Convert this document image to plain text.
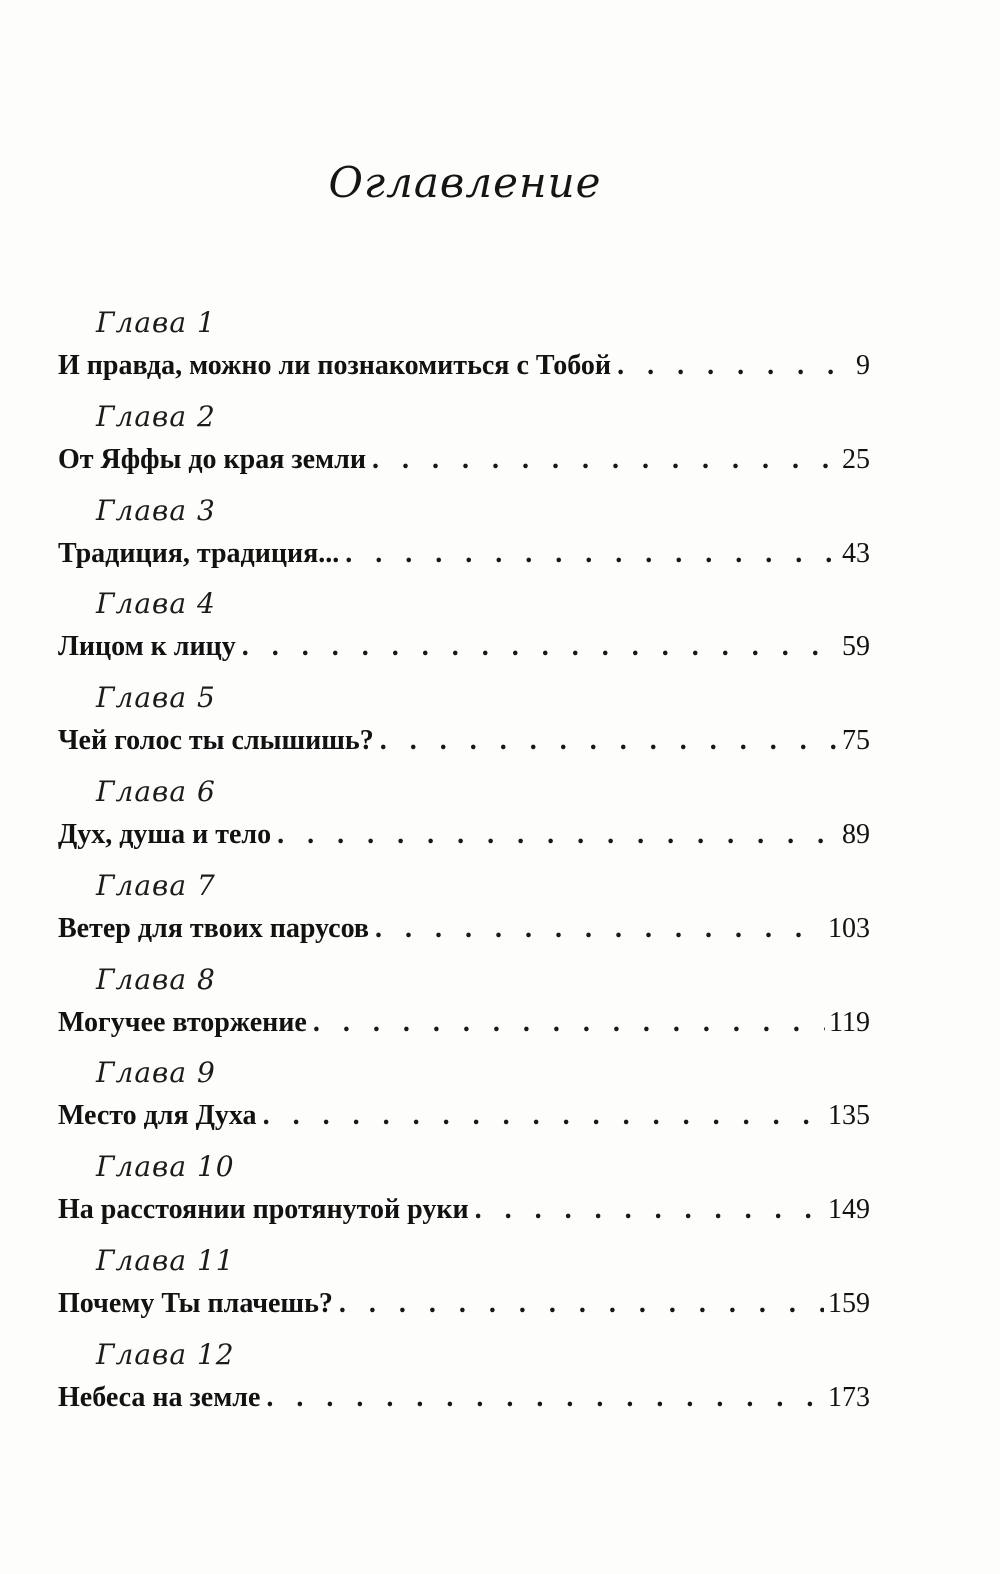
Оглавление
Глава 1
И правда, можно ли познакомиться с Тобой . . .	9
Глава 2
От Яффы до края земли . . .	25
Глава 3
Традиция, традиция... . . .	43
Глава 4
Лицом к лицу . . .	59
Глава 5
Чей голос ты слышишь? . . .	75
Глава 6
Дух, душа и тело . . .	89
Глава 7
Ветер для твоих парусов . . .	103
Глава 8
Могучее вторжение . . .	119
Глава 9
Место для Духа . . .	135
Глава 10
На расстоянии протянутой руки . . .	149
Глава 11
Почему Ты плачешь? . . .	159
Глава 12
Небеса на земле . . .	173
